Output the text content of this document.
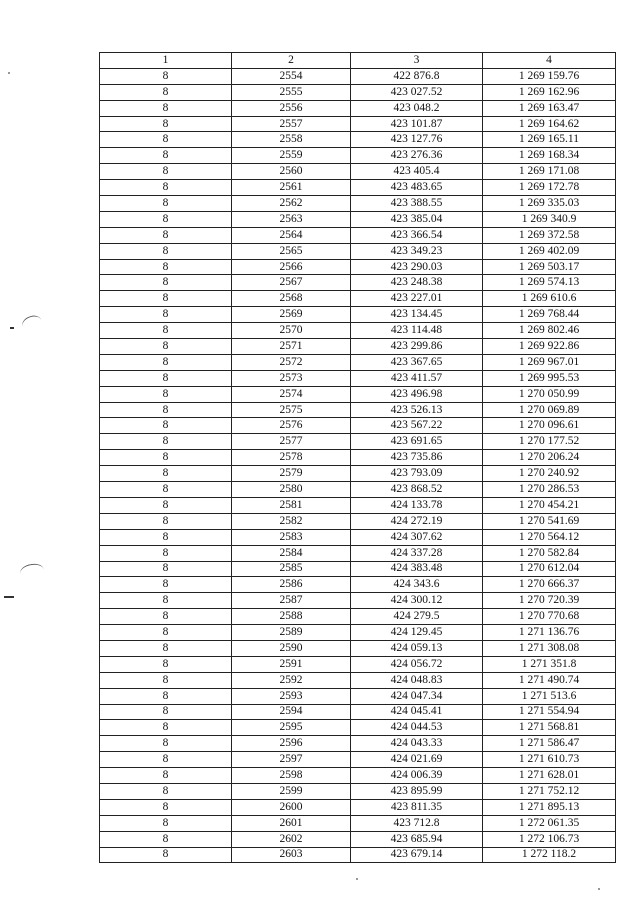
1	2	3	4
8	2554	422 876.8	1 269 159.76
8	2555	423 027.52	1 269 162.96
8	2556	423 048.2	1 269 163.47
8	2557	423 101.87	1 269 164.62
8	2558	423 127.76	1 269 165.11
8	2559	423 276.36	1 269 168.34
8	2560	423 405.4	1 269 171.08
8	2561	423 483.65	1 269 172.78
8	2562	423 388.55	1 269 335.03
8	2563	423 385.04	1 269 340.9
8	2564	423 366.54	1 269 372.58
8	2565	423 349.23	1 269 402.09
8	2566	423 290.03	1 269 503.17
8	2567	423 248.38	1 269 574.13
8	2568	423 227.01	1 269 610.6
8	2569	423 134.45	1 269 768.44
8	2570	423 114.48	1 269 802.46
8	2571	423 299.86	1 269 922.86
8	2572	423 367.65	1 269 967.01
8	2573	423 411.57	1 269 995.53
8	2574	423 496.98	1 270 050.99
8	2575	423 526.13	1 270 069.89
8	2576	423 567.22	1 270 096.61
8	2577	423 691.65	1 270 177.52
8	2578	423 735.86	1 270 206.24
8	2579	423 793.09	1 270 240.92
8	2580	423 868.52	1 270 286.53
8	2581	424 133.78	1 270 454.21
8	2582	424 272.19	1 270 541.69
8	2583	424 307.62	1 270 564.12
8	2584	424 337.28	1 270 582.84
8	2585	424 383.48	1 270 612.04
8	2586	424 343.6	1 270 666.37
8	2587	424 300.12	1 270 720.39
8	2588	424 279.5	1 270 770.68
8	2589	424 129.45	1 271 136.76
8	2590	424 059.13	1 271 308.08
8	2591	424 056.72	1 271 351.8
8	2592	424 048.83	1 271 490.74
8	2593	424 047.34	1 271 513.6
8	2594	424 045.41	1 271 554.94
8	2595	424 044.53	1 271 568.81
8	2596	424 043.33	1 271 586.47
8	2597	424 021.69	1 271 610.73
8	2598	424 006.39	1 271 628.01
8	2599	423 895.99	1 271 752.12
8	2600	423 811.35	1 271 895.13
8	2601	423 712.8	1 272 061.35
8	2602	423 685.94	1 272 106.73
8	2603	423 679.14	1 272 118.2
